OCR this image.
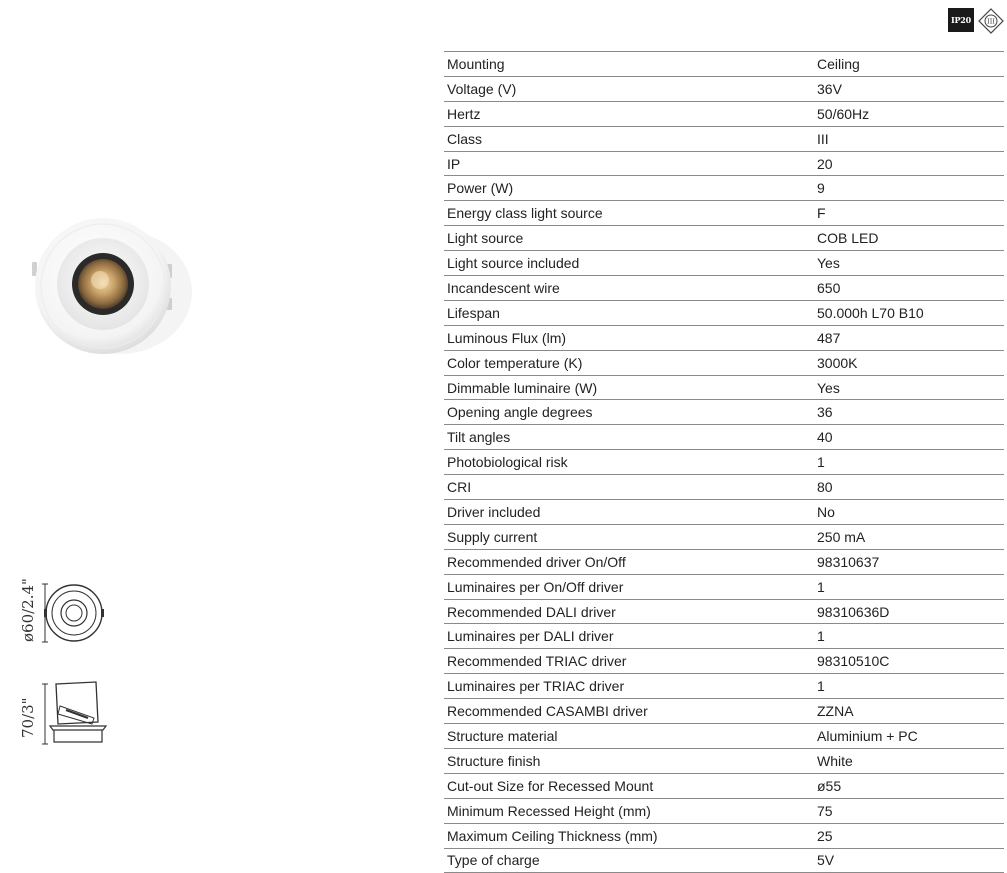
IP20	III
ø60/2.4"
70/3"
Mounting	Ceiling
Voltage (V)	36V
Hertz	50/60Hz
Class	III
IP	20
Power (W)	9
Energy class light source	F
Light source	COB LED
Light source included	Yes
Incandescent wire	650
Lifespan	50.000h L70 B10
Luminous Flux (lm)	487
Color temperature (K)	3000K
Dimmable luminaire (W)	Yes
Opening angle degrees	36
Tilt angles	40
Photobiological risk	1
CRI	80
Driver included	No
Supply current	250 mA
Recommended driver On/Off	98310637
Luminaires per On/Off driver	1
Recommended DALI driver	98310636D
Luminaires per DALI driver	1
Recommended TRIAC driver	98310510C
Luminaires per TRIAC driver	1
Recommended CASAMBI driver	ZZNA
Structure material	Aluminium + PC
Structure finish	White
Cut-out Size for Recessed Mount	ø55
Minimum Recessed Height (mm)	75
Maximum Ceiling Thickness (mm)	25
Type of charge	5V
